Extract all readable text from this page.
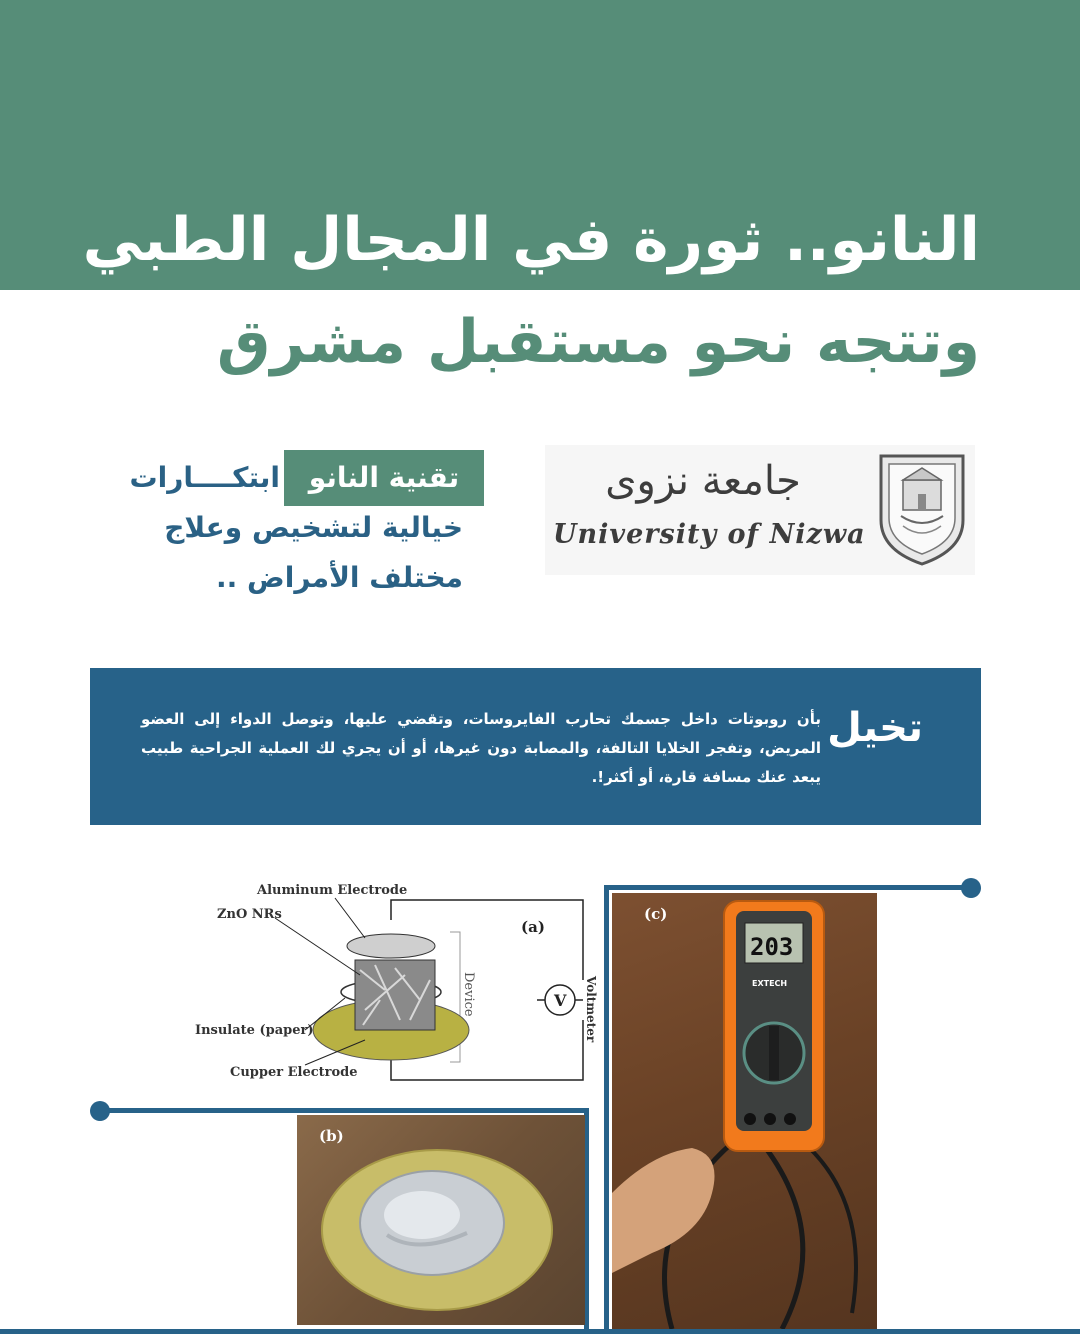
النانو.. ثورة في المجال الطبي
وتتجه نحو مستقبل مشرق
جامعة نزوى
University of Nizwa
تقنية النانو
ابتكــــارات
خيالية لتشخيص وعلاج
مختلف الأمراض ..
تخيل
بأن روبوتات داخل جسمك تحارب الفايروسات، وتقضي عليها، وتوصل الدواء إلى العضو المريض، وتفجر الخلايا التالفة، والمصابة دون غيرها، أو أن يجري لك العملية الجراحية طبيب يبعد عنك مسافة قارة، أو أكثر!.
V
Aluminum Electrode
ZnO NRs
Insulate (paper)
Cupper Electrode
(a)
Device	Voltmeter
(b)
203
EXTECH
(c)
